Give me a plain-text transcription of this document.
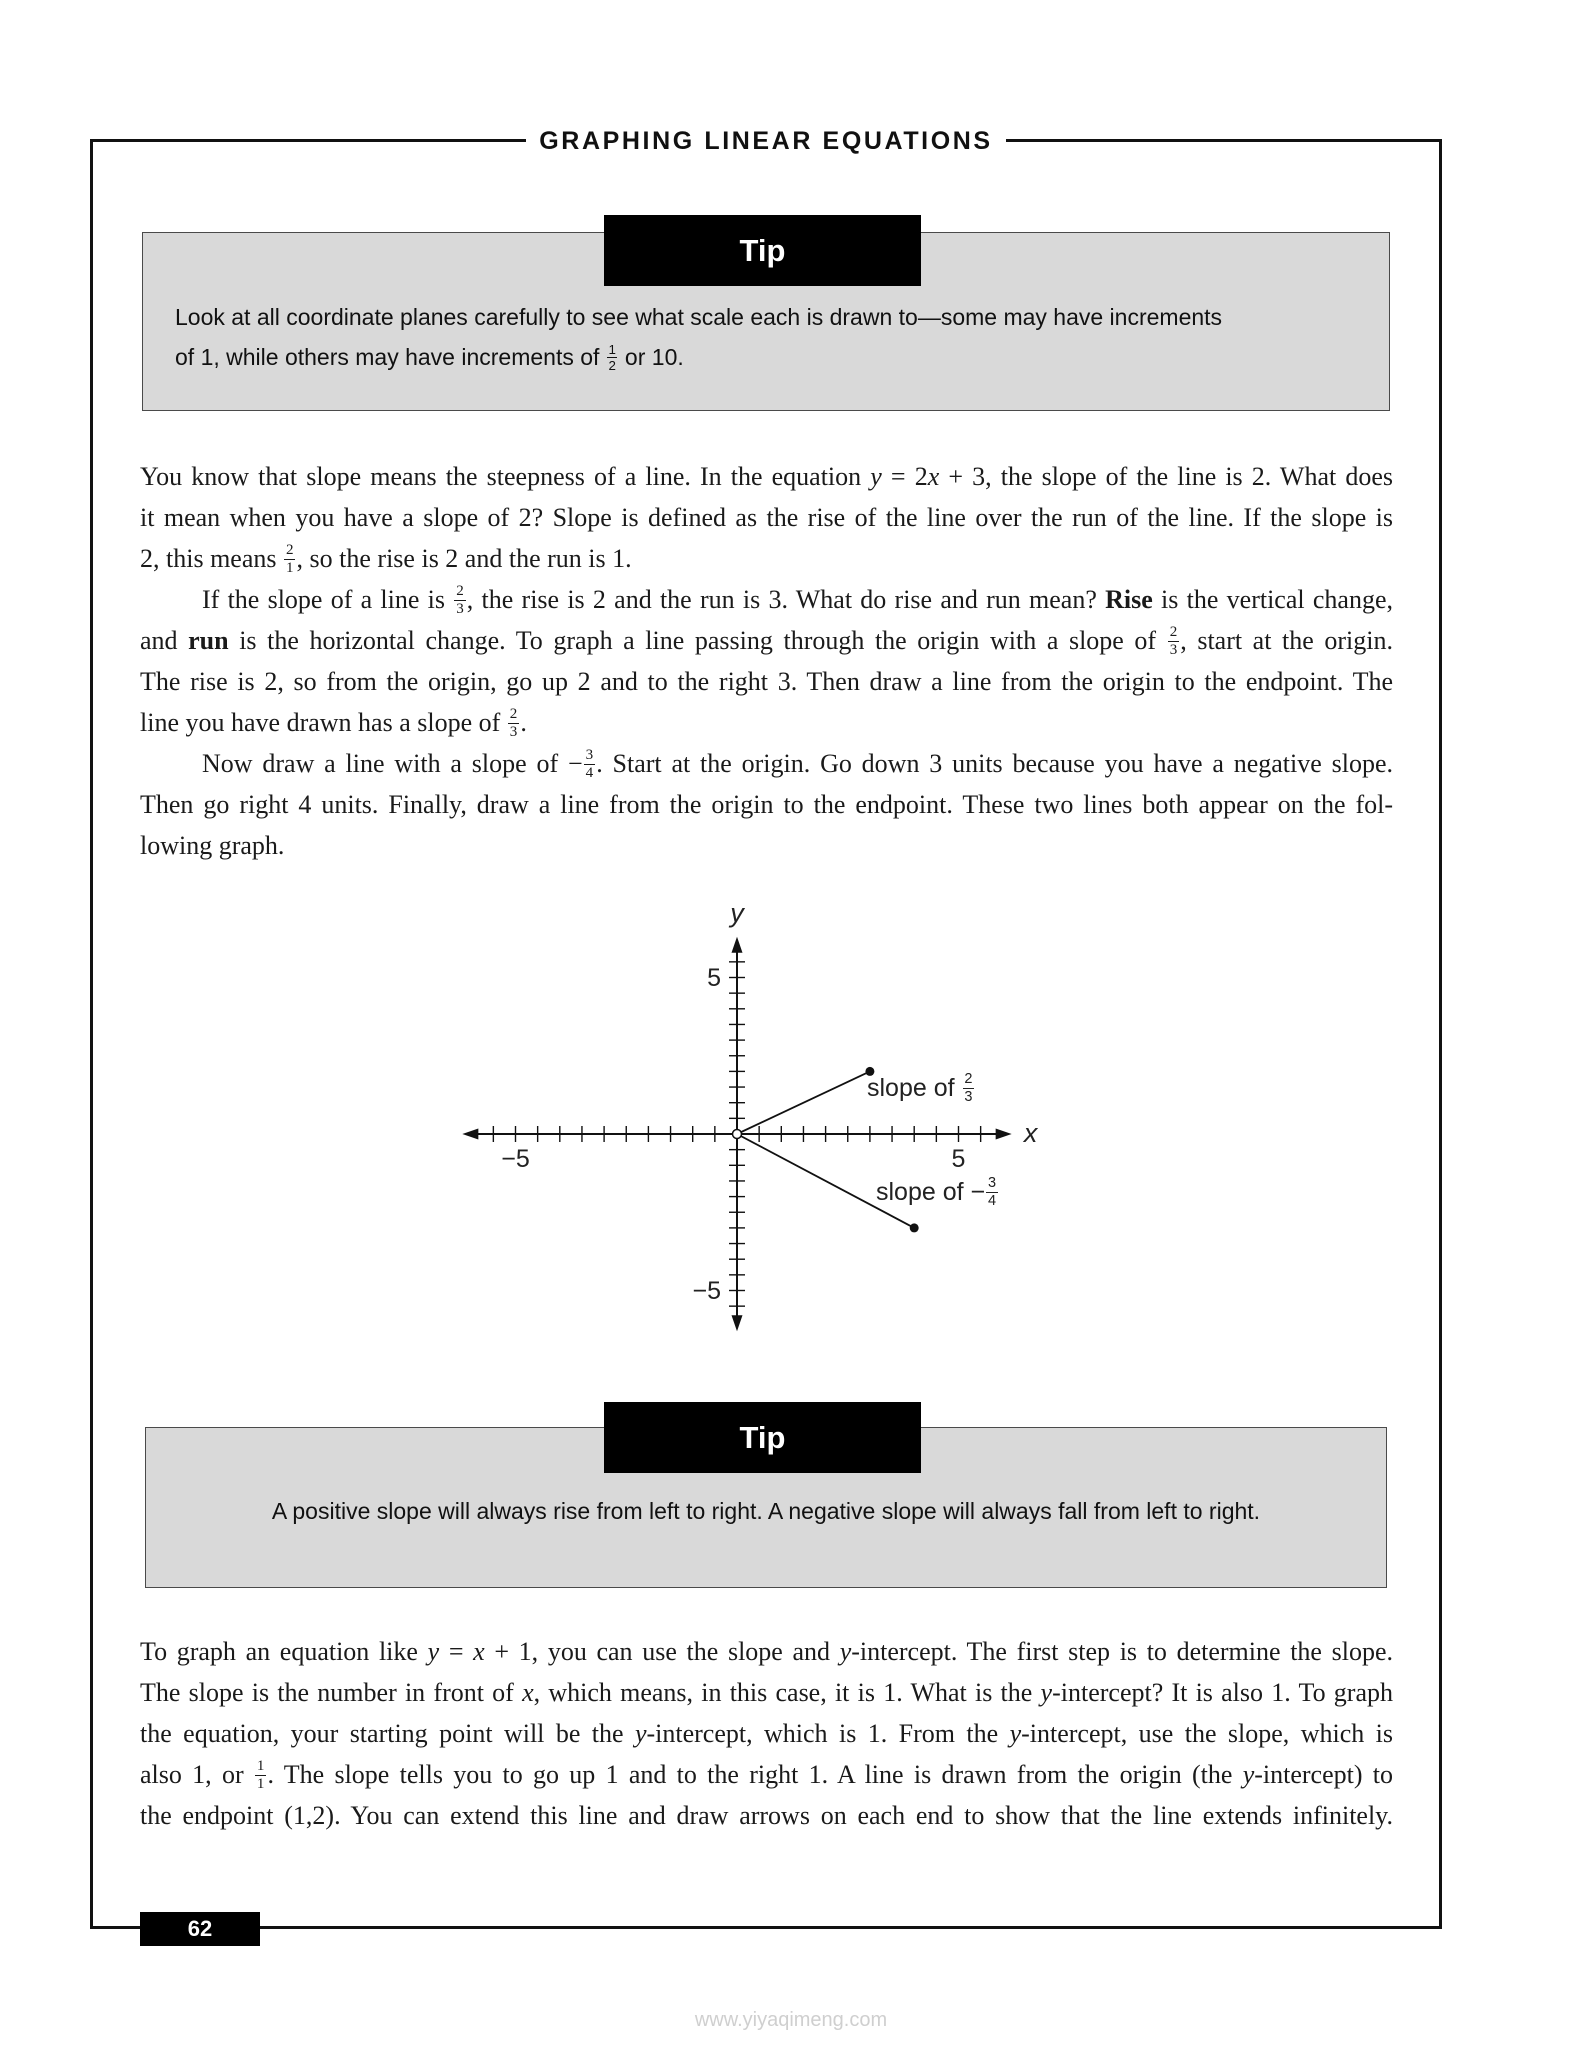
GRAPHING LINEAR EQUATIONS
Tip
Look at all coordinate planes carefully to see what scale each is drawn to—some may have increments
of 1, while others may have increments of $\frac{1}{2}$ or 10.
You know that slope means the steepness of a line. In the equation y = 2x + 3, the slope of the line is 2. What does
it mean when you have a slope of 2? Slope is defined as the rise of the line over the run of the line. If the slope is
2, this means $\frac{2}{1}$ , so the rise is 2 and the run is 1.
If the slope of a line is $\frac{2}{3}$ , the rise is 2 and the run is 3. What do rise and run mean? Rise is the vertical change,
and run is the horizontal change. To graph a line passing through the origin with a slope of $\frac{2}{3}$ , start at the origin.
The rise is 2, so from the origin, go up 2 and to the right 3. Then draw a line from the origin to the endpoint. The
line you have drawn has a slope of $\frac{2}{3}$ .
Now draw a line with a slope of − $\frac{3}{4}$ . Start at the origin. Go down 3 units because you have a negative slope.
Then go right 4 units. Finally, draw a line from the origin to the endpoint. These two lines both appear on the fol-
lowing graph.
y
x
−5	5
5
−5
slope of $\frac{2}{3}$
slope of − $\frac{3}{4}$
Tip
A positive slope will always rise from left to right. A negative slope will always fall from left to right.
To graph an equation like y = x + 1, you can use the slope and y-intercept. The first step is to determine the slope.
The slope is the number in front of x, which means, in this case, it is 1. What is the y-intercept? It is also 1. To graph
the equation, your starting point will be the y-intercept, which is 1. From the y-intercept, use the slope, which is
also 1, or $\frac{1}{1}$ . The slope tells you to go up 1 and to the right 1. A line is drawn from the origin (the y-intercept) to
the endpoint (1,2). You can extend this line and draw arrows on each end to show that the line extends infinitely.
62
www.yiyaqimeng.com
